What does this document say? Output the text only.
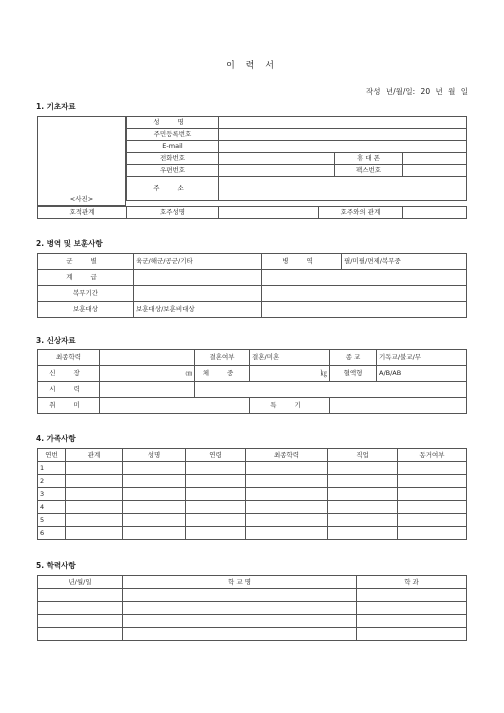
이 력 서
작성 년/월/일: 20 년 월 일
1. 기초자료
<사진>
성 명			
주민등록번호			
E-mail			
전화번호		휴 대 폰	
우편번호		팩스번호	
주 소			
호적관계	호주성명		호주와의 관계	
2. 병역 및 보훈사항
군 별	육군/해군/공군/기타	병 역	필/미필/면제/복무중
계 급			
복무기간			
보훈대상	보훈대상/보훈비대상		
3. 신상자료
최종학력		결혼여부	결혼/미혼	종 교	기독교/불교/무
신 장	㎝	체 중	㎏	혈액형	A/B/AB
시 력					
취 미			특 기		
4. 가족사항
연번	관계	성명	연령	최종학력	직업	동거여부
1						
2						
3						
4						
5						
6						
5. 학력사항
년/월/일	학 교 명	학 과
